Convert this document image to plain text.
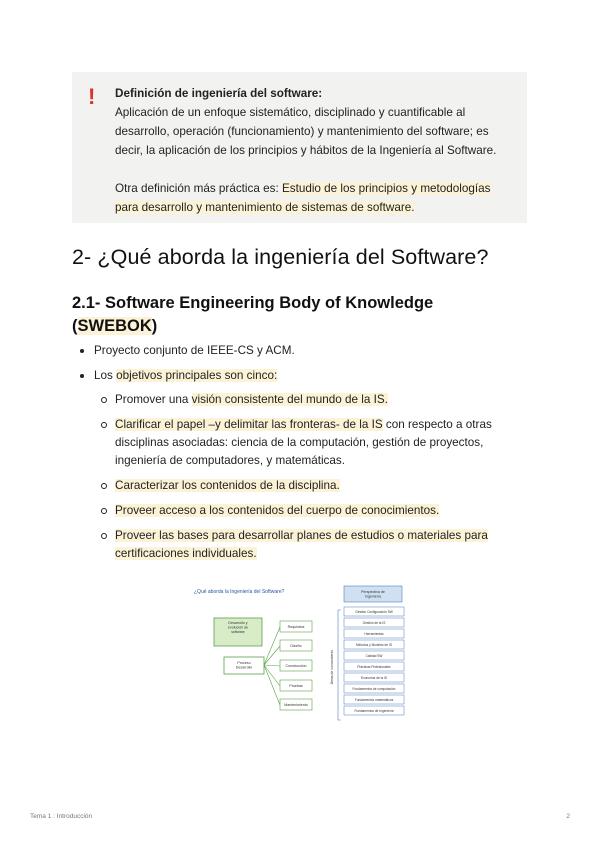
! Definición de ingeniería del software:

Aplicación de un enfoque sistemático, disciplinado y cuantificable al desarrollo, operación (funcionamiento) y mantenimiento del software; es decir, la aplicación de los principios y hábitos de la Ingeniería al Software.

Otra definición más práctica es: Estudio de los principios y metodologías para desarrollo y mantenimiento de sistemas de software.

2- ¿Qué aborda la ingeniería del Software?
2.1- Software Engineering Body of Knowledge (SWEBOK)
Proyecto conjunto de IEEE-CS y ACM.
Los objetivos principales son cinco:
Promover una visión consistente del mundo de la IS.
Clarificar el papel –y delimitar las fronteras- de la IS con respecto a otras disciplinas asociadas: ciencia de la computación, gestión de proyectos, ingeniería de computadores, y matemáticas.
Caracterizar los contenidos de la disciplina.
Proveer acceso a los contenidos del cuerpo de conocimientos.
Proveer las bases para desarrollar planes de estudios o materiales para certificaciones individuales.
¿Qué aborda la Ingeniería del Software?
Desarrollo y evolución de software
Proceso Desarrollo
Requisitos
Diseño
Construcción
Pruebas
Mantenimiento
Perspectiva de Ingeniería
Áreas de conocimiento
Gestión Configuración SW
Gestión de la IS
Herramientas
Métodos y Modelos de IS
Calidad SW
Prácticas Profesionales
Economía de la IS
Fundamentos de computación
Fundamentos matemáticos
Fundamentos de Ingeniería
Tema 1 : Introducción	2
